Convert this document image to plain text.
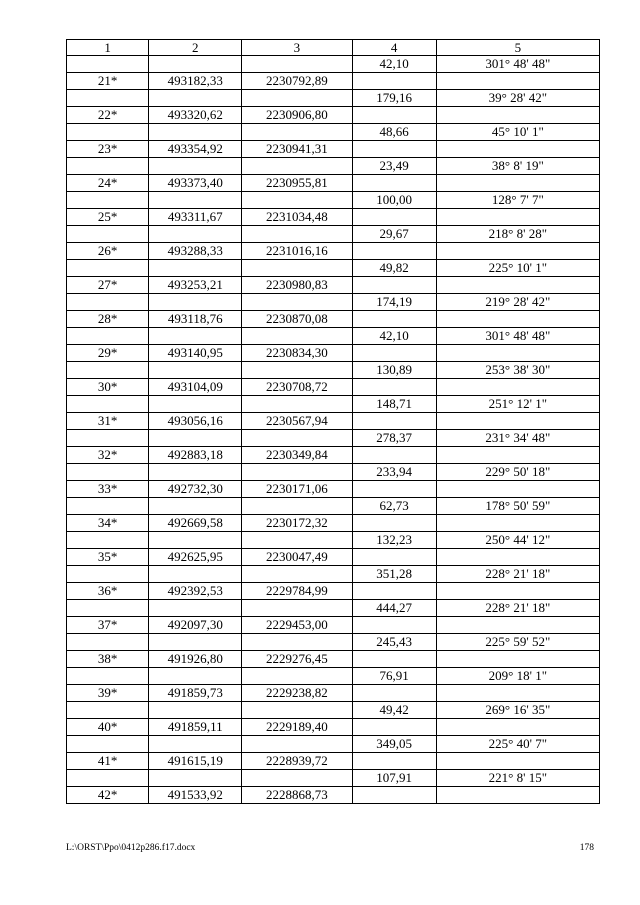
1	2	3	4	5
			42,10	301° 48' 48"
21*	493182,33	2230792,89		
			179,16	39° 28' 42"
22*	493320,62	2230906,80		
			48,66	45° 10' 1"
23*	493354,92	2230941,31		
			23,49	38° 8' 19"
24*	493373,40	2230955,81		
			100,00	128° 7' 7"
25*	493311,67	2231034,48		
			29,67	218° 8' 28"
26*	493288,33	2231016,16		
			49,82	225° 10' 1"
27*	493253,21	2230980,83		
			174,19	219° 28' 42"
28*	493118,76	2230870,08		
			42,10	301° 48' 48"
29*	493140,95	2230834,30		
			130,89	253° 38' 30"
30*	493104,09	2230708,72		
			148,71	251° 12' 1"
31*	493056,16	2230567,94		
			278,37	231° 34' 48"
32*	492883,18	2230349,84		
			233,94	229° 50' 18"
33*	492732,30	2230171,06		
			62,73	178° 50' 59"
34*	492669,58	2230172,32		
			132,23	250° 44' 12"
35*	492625,95	2230047,49		
			351,28	228° 21' 18"
36*	492392,53	2229784,99		
			444,27	228° 21' 18"
37*	492097,30	2229453,00		
			245,43	225° 59' 52"
38*	491926,80	2229276,45		
			76,91	209° 18' 1"
39*	491859,73	2229238,82		
			49,42	269° 16' 35"
40*	491859,11	2229189,40		
			349,05	225° 40' 7"
41*	491615,19	2228939,72		
			107,91	221° 8' 15"
42*	491533,92	2228868,73		
L:\ORST\Ppo\0412p286.f17.docx	178
